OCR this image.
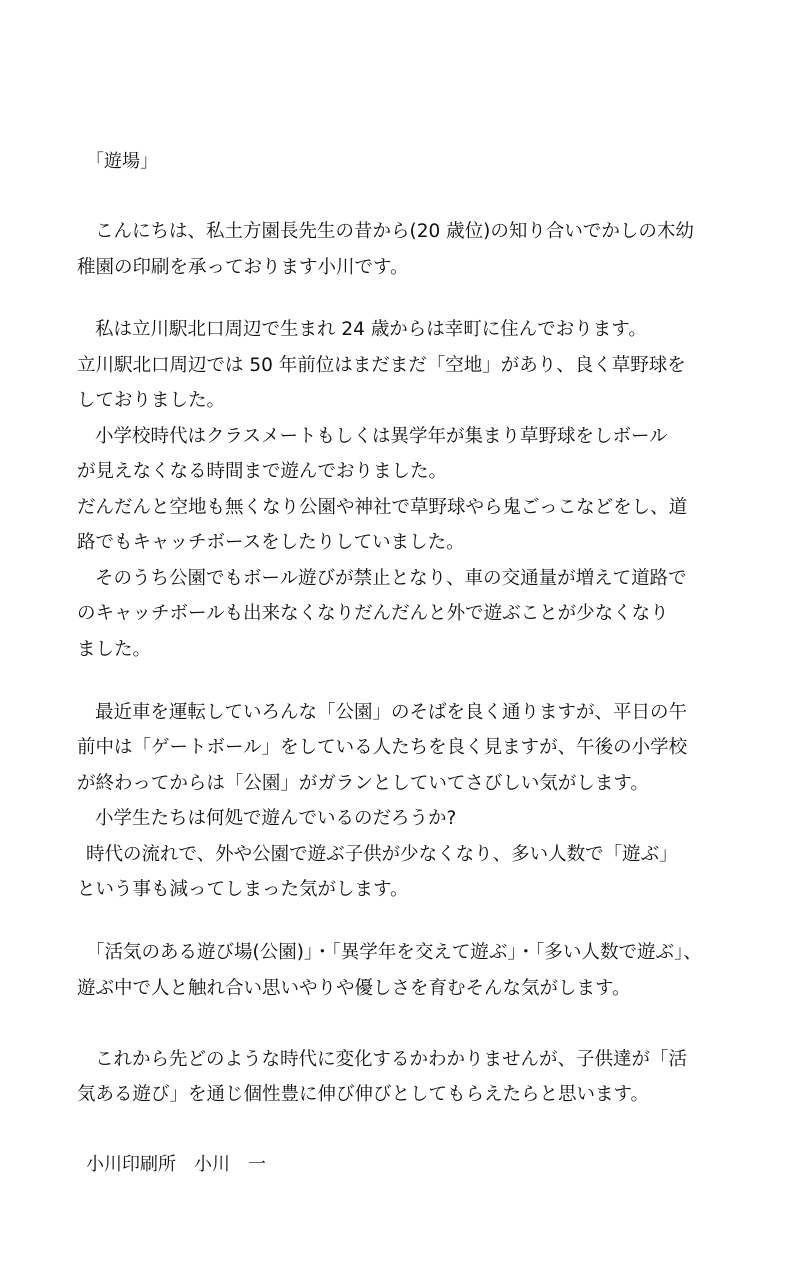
「遊場」
こんにちは、私土方園長先生の昔から(20 歳位)の知り合いでかしの木幼
稚園の印刷を承っております小川です。
私は立川駅北口周辺で生まれ 24 歳からは幸町に住んでおります。
立川駅北口周辺では 50 年前位はまだまだ「空地」があり、良く草野球を
しておりました。
小学校時代はクラスメートもしくは異学年が集まり草野球をしボール
が見えなくなる時間まで遊んでおりました。
だんだんと空地も無くなり公園や神社で草野球やら鬼ごっこなどをし、道
路でもキャッチボースをしたりしていました。
そのうち公園でもボール遊びが禁止となり、車の交通量が増えて道路で
のキャッチボールも出来なくなりだんだんと外で遊ぶことが少なくなり
ました。
最近車を運転していろんな「公園」のそばを良く通りますが、平日の午
前中は「ゲートボール」をしている人たちを良く見ますが、午後の小学校
が終わってからは「公園」がガランとしていてさびしい気がします。
小学生たちは何処で遊んでいるのだろうか?
時代の流れで、外や公園で遊ぶ子供が少なくなり、多い人数で「遊ぶ」
という事も減ってしまった気がします。
「活気のある遊び場(公園)」・「異学年を交えて遊ぶ」・「多い人数で遊ぶ」、
遊ぶ中で人と触れ合い思いやりや優しさを育むそんな気がします。
これから先どのような時代に変化するかわかりませんが、子供達が「活
気ある遊び」を通じ個性豊に伸び伸びとしてもらえたらと思います。
小川印刷所　小川　一
